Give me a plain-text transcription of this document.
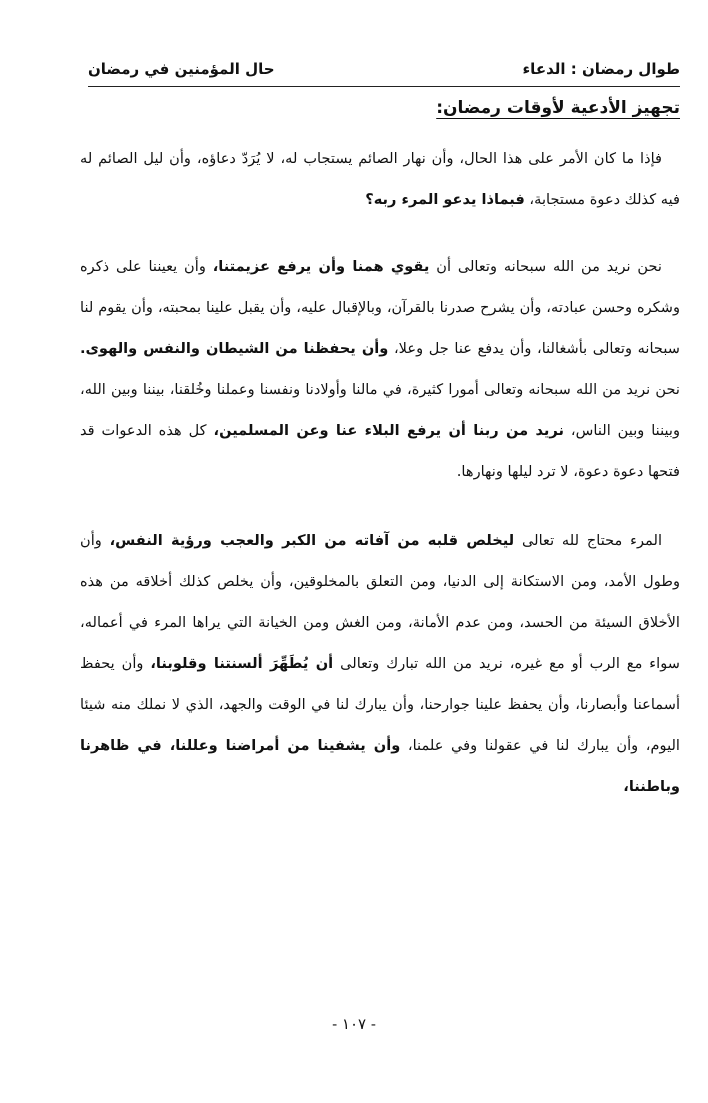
طوال رمضان : الدعاء
حال المؤمنين في رمضان
تجهيز الأدعية لأوقات رمضان:

فإذا ما كان الأمر على هذا الحال، وأن نهار الصائم يستجاب له، لا يُرَدّ دعاؤه، وأن ليل الصائم له فيه كذلك دعوة مستجابة، فبماذا يدعو المرء ربه؟

نحن نريد من الله سبحانه وتعالى أن يقوي همنا وأن يرفع عزيمتنا، وأن يعيننا على ذكره وشكره وحسن عبادته، وأن يشرح صدرنا بالقرآن، وبالإقبال عليه، وأن يقبل علينا بمحبته، وأن يقوم لنا سبحانه وتعالى بأشغالنا، وأن يدفع عنا جل وعلا، وأن يحفظنا من الشيطان والنفس والهوى. نحن نريد من الله سبحانه وتعالى أمورا كثيرة، في مالنا وأولادنا ونفسنا وعملنا وخُلقنا، بيننا وبين الله، وبيننا وبين الناس، نريد من ربنا أن يرفع البلاء عنا وعن المسلمين، كل هذه الدعوات قد فتحها دعوة دعوة، لا ترد ليلها ونهارها.

المرء محتاج لله تعالى ليخلص قلبه من آفاته من الكبر والعجب ورؤية النفس، وأن وطول الأمد، ومن الاستكانة إلى الدنيا، ومن التعلق بالمخلوقين، وأن يخلص كذلك أخلاقه من هذه الأخلاق السيئة من الحسد، ومن عدم الأمانة، ومن الغش ومن الخيانة التي يراها المرء في أعماله، سواء مع الرب أو مع غيره، نريد من الله تبارك وتعالى أن يُطَهِّرَ ألسنتنا وقلوبنا، وأن يحفظ أسماعنا وأبصارنا، وأن يحفظ علينا جوارحنا، وأن يبارك لنا في الوقت والجهد، الذي لا نملك منه شيئا اليوم، وأن يبارك لنا في عقولنا وفي علمنا، وأن يشفينا من أمراضنا وعللنا، في ظاهرنا وباطننا،

- ١٠٧ -
